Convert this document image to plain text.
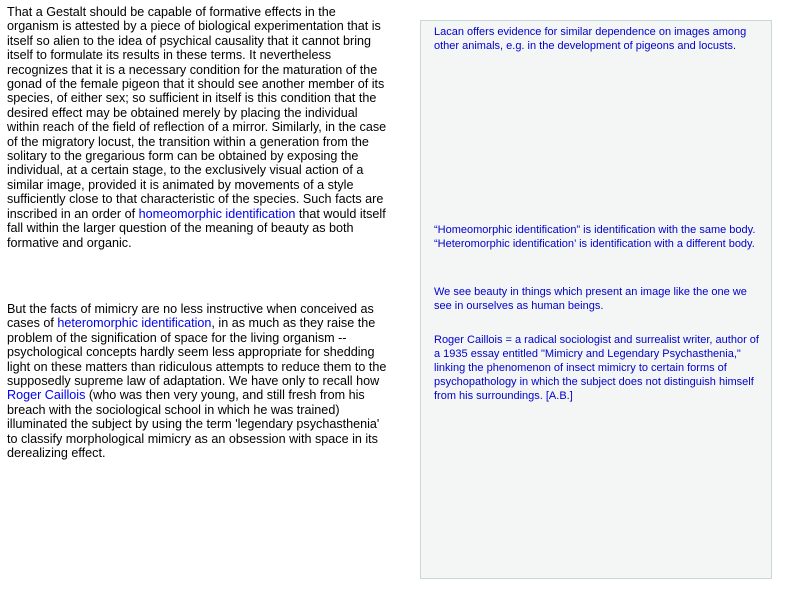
That a Gestalt should be capable of formative effects in the organism is attested by a piece of biological experimentation that is itself so alien to the idea of psychical causality that it cannot bring itself to formulate its results in these terms. It nevertheless recognizes that it is a necessary condition for the maturation of the gonad of the female pigeon that it should see another member of its species, of either sex; so sufficient in itself is this condition that the desired effect may be obtained merely by placing the individual within reach of the field of reflection of a mirror. Similarly, in the case of the migratory locust, the transition within a generation from the solitary to the gregarious form can be obtained by exposing the individual, at a certain stage, to the exclusively visual action of a similar image, provided it is animated by movements of a style sufficiently close to that characteristic of the species. Such facts are inscribed in an order of homeomorphic identification that would itself fall within the larger question of the meaning of beauty as both formative and organic.

But the facts of mimicry are no less instructive when conceived as cases of heteromorphic identification, in as much as they raise the problem of the signification of space for the living organism -- psychological concepts hardly seem less appropriate for shedding light on these matters than ridiculous attempts to reduce them to the supposedly supreme law of adaptation. We have only to recall how Roger Caillois (who was then very young, and still fresh from his breach with the sociological school in which he was trained) illuminated the subject by using the term 'legendary psychasthenia' to classify morphological mimicry as an obsession with space in its derealizing effect.

Lacan offers evidence for similar dependence on images among other animals, e.g. in the development of pigeons and locusts.

“Homeomorphic identification” is identification with the same body. “Heteromorphic identification’ is identification with a different body.

We see beauty in things which present an image like the one we see in ourselves as human beings.

Roger Caillois = a radical sociologist and surrealist writer, author of a 1935 essay entitled "Mimicry and Legendary Psychasthenia," linking the phenomenon of insect mimicry to certain forms of psychopathology in which the subject does not distinguish himself from his surroundings. [A.B.]
